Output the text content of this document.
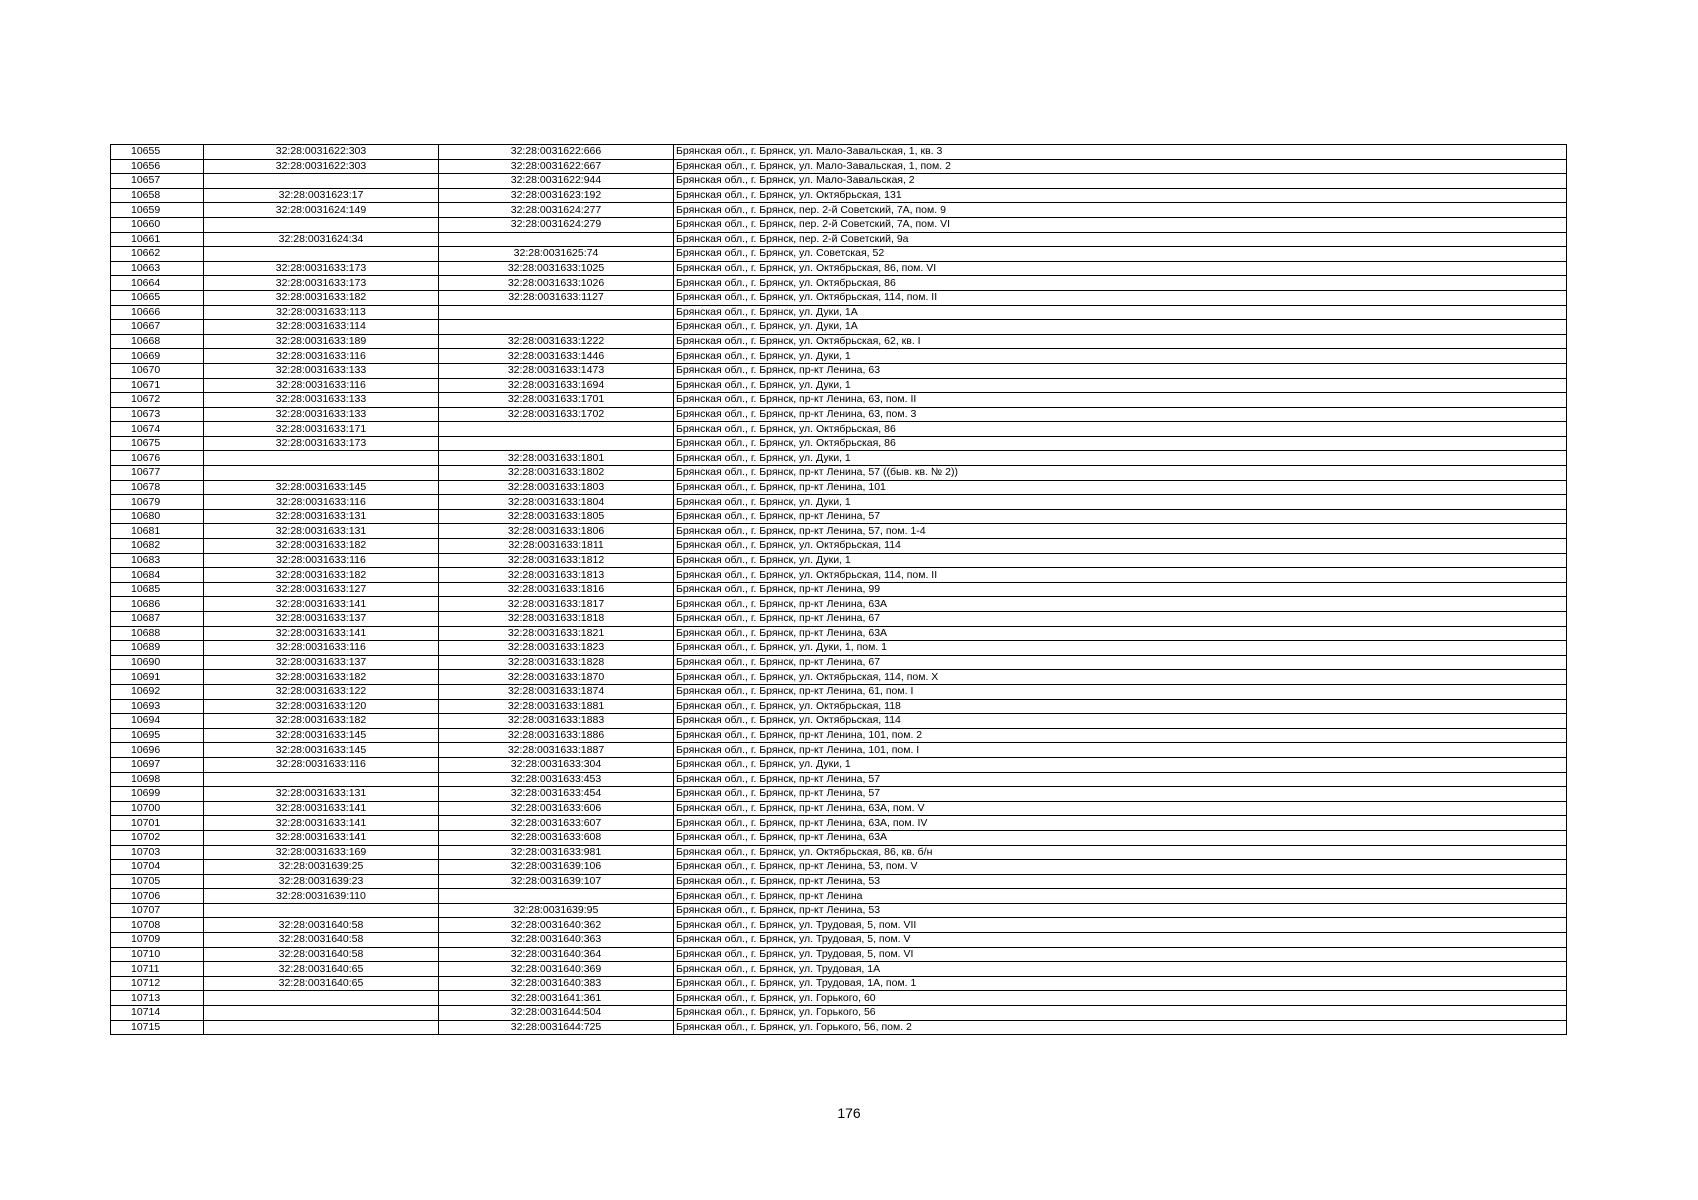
10655	32:28:0031622:303	32:28:0031622:666	Брянская обл., г. Брянск, ул. Мало-Завальская, 1, кв. 3
10656	32:28:0031622:303	32:28:0031622:667	Брянская обл., г. Брянск, ул. Мало-Завальская, 1, пом. 2
10657		32:28:0031622:944	Брянская обл., г. Брянск, ул. Мало-Завальская, 2
10658	32:28:0031623:17	32:28:0031623:192	Брянская обл., г. Брянск, ул. Октябрьская, 131
10659	32:28:0031624:149	32:28:0031624:277	Брянская обл., г. Брянск, пер. 2-й Советский, 7А, пом. 9
10660		32:28:0031624:279	Брянская обл., г. Брянск, пер. 2-й Советский, 7А, пом. VI
10661	32:28:0031624:34		Брянская обл., г. Брянск, пер. 2-й Советский, 9а
10662		32:28:0031625:74	Брянская обл., г. Брянск, ул. Советская, 52
10663	32:28:0031633:173	32:28:0031633:1025	Брянская обл., г. Брянск, ул. Октябрьская, 86, пом. VI
10664	32:28:0031633:173	32:28:0031633:1026	Брянская обл., г. Брянск, ул. Октябрьская, 86
10665	32:28:0031633:182	32:28:0031633:1127	Брянская обл., г. Брянск, ул. Октябрьская, 114, пом. II
10666	32:28:0031633:113		Брянская обл., г. Брянск, ул. Дуки, 1А
10667	32:28:0031633:114		Брянская обл., г. Брянск, ул. Дуки, 1А
10668	32:28:0031633:189	32:28:0031633:1222	Брянская обл., г. Брянск, ул. Октябрьская, 62, кв. I
10669	32:28:0031633:116	32:28:0031633:1446	Брянская обл., г. Брянск, ул. Дуки, 1
10670	32:28:0031633:133	32:28:0031633:1473	Брянская обл., г. Брянск, пр-кт Ленина, 63
10671	32:28:0031633:116	32:28:0031633:1694	Брянская обл., г. Брянск, ул. Дуки, 1
10672	32:28:0031633:133	32:28:0031633:1701	Брянская обл., г. Брянск, пр-кт Ленина, 63, пом. II
10673	32:28:0031633:133	32:28:0031633:1702	Брянская обл., г. Брянск, пр-кт Ленина, 63, пом. 3
10674	32:28:0031633:171		Брянская обл., г. Брянск, ул. Октябрьская, 86
10675	32:28:0031633:173		Брянская обл., г. Брянск, ул. Октябрьская, 86
10676		32:28:0031633:1801	Брянская обл., г. Брянск, ул. Дуки, 1
10677		32:28:0031633:1802	Брянская обл., г. Брянск, пр-кт Ленина, 57 ((быв. кв. № 2))
10678	32:28:0031633:145	32:28:0031633:1803	Брянская обл., г. Брянск, пр-кт Ленина, 101
10679	32:28:0031633:116	32:28:0031633:1804	Брянская обл., г. Брянск, ул. Дуки, 1
10680	32:28:0031633:131	32:28:0031633:1805	Брянская обл., г. Брянск, пр-кт Ленина, 57
10681	32:28:0031633:131	32:28:0031633:1806	Брянская обл., г. Брянск, пр-кт Ленина, 57, пом. 1-4
10682	32:28:0031633:182	32:28:0031633:1811	Брянская обл., г. Брянск, ул. Октябрьская, 114
10683	32:28:0031633:116	32:28:0031633:1812	Брянская обл., г. Брянск, ул. Дуки, 1
10684	32:28:0031633:182	32:28:0031633:1813	Брянская обл., г. Брянск, ул. Октябрьская, 114, пом. II
10685	32:28:0031633:127	32:28:0031633:1816	Брянская обл., г. Брянск, пр-кт Ленина, 99
10686	32:28:0031633:141	32:28:0031633:1817	Брянская обл., г. Брянск, пр-кт Ленина, 63А
10687	32:28:0031633:137	32:28:0031633:1818	Брянская обл., г. Брянск, пр-кт Ленина, 67
10688	32:28:0031633:141	32:28:0031633:1821	Брянская обл., г. Брянск, пр-кт Ленина, 63А
10689	32:28:0031633:116	32:28:0031633:1823	Брянская обл., г. Брянск, ул. Дуки, 1, пом. 1
10690	32:28:0031633:137	32:28:0031633:1828	Брянская обл., г. Брянск, пр-кт Ленина, 67
10691	32:28:0031633:182	32:28:0031633:1870	Брянская обл., г. Брянск, ул. Октябрьская, 114, пом. X
10692	32:28:0031633:122	32:28:0031633:1874	Брянская обл., г. Брянск, пр-кт Ленина, 61, пом. I
10693	32:28:0031633:120	32:28:0031633:1881	Брянская обл., г. Брянск, ул. Октябрьская, 118
10694	32:28:0031633:182	32:28:0031633:1883	Брянская обл., г. Брянск, ул. Октябрьская, 114
10695	32:28:0031633:145	32:28:0031633:1886	Брянская обл., г. Брянск, пр-кт Ленина, 101, пом. 2
10696	32:28:0031633:145	32:28:0031633:1887	Брянская обл., г. Брянск, пр-кт Ленина, 101, пом. I
10697	32:28:0031633:116	32:28:0031633:304	Брянская обл., г. Брянск, ул. Дуки, 1
10698		32:28:0031633:453	Брянская обл., г. Брянск, пр-кт Ленина, 57
10699	32:28:0031633:131	32:28:0031633:454	Брянская обл., г. Брянск, пр-кт Ленина, 57
10700	32:28:0031633:141	32:28:0031633:606	Брянская обл., г. Брянск, пр-кт Ленина, 63А, пом. V
10701	32:28:0031633:141	32:28:0031633:607	Брянская обл., г. Брянск, пр-кт Ленина, 63А, пом. IV
10702	32:28:0031633:141	32:28:0031633:608	Брянская обл., г. Брянск, пр-кт Ленина, 63А
10703	32:28:0031633:169	32:28:0031633:981	Брянская обл., г. Брянск, ул. Октябрьская, 86, кв. б/н
10704	32:28:0031639:25	32:28:0031639:106	Брянская обл., г. Брянск, пр-кт Ленина, 53, пом. V
10705	32:28:0031639:23	32:28:0031639:107	Брянская обл., г. Брянск, пр-кт Ленина, 53
10706	32:28:0031639:110		Брянская обл., г. Брянск, пр-кт Ленина
10707		32:28:0031639:95	Брянская обл., г. Брянск, пр-кт Ленина, 53
10708	32:28:0031640:58	32:28:0031640:362	Брянская обл., г. Брянск, ул. Трудовая, 5, пом. VII
10709	32:28:0031640:58	32:28:0031640:363	Брянская обл., г. Брянск, ул. Трудовая, 5, пом. V
10710	32:28:0031640:58	32:28:0031640:364	Брянская обл., г. Брянск, ул. Трудовая, 5, пом. VI
10711	32:28:0031640:65	32:28:0031640:369	Брянская обл., г. Брянск, ул. Трудовая, 1А
10712	32:28:0031640:65	32:28:0031640:383	Брянская обл., г. Брянск, ул. Трудовая, 1А, пом. 1
10713		32:28:0031641:361	Брянская обл., г. Брянск, ул. Горького, 60
10714		32:28:0031644:504	Брянская обл., г. Брянск, ул. Горького, 56
10715		32:28:0031644:725	Брянская обл., г. Брянск, ул. Горького, 56, пом. 2
176
